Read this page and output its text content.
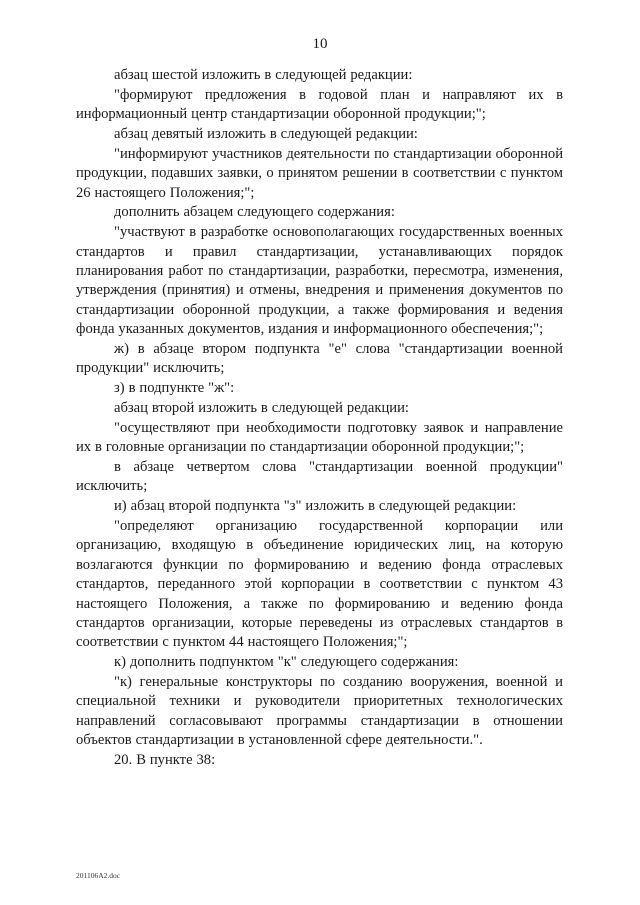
10

абзац шестой изложить в следующей редакции:

"формируют предложения в годовой план и направляют их в информационный центр стандартизации оборонной продукции;";

абзац девятый изложить в следующей редакции:

"информируют участников деятельности по стандартизации оборонной продукции, подавших заявки, о принятом решении в соответствии с пунктом 26 настоящего Положения;";

дополнить абзацем следующего содержания:

"участвуют в разработке основополагающих государственных военных стандартов и правил стандартизации, устанавливающих порядок планирования работ по стандартизации, разработки, пересмотра, изменения, утверждения (принятия) и отмены, внедрения и применения документов по стандартизации оборонной продукции, а также формирования и ведения фонда указанных документов, издания и информационного обеспечения;";

ж) в абзаце втором подпункта "е" слова "стандартизации военной продукции" исключить;

з) в подпункте "ж":

абзац второй изложить в следующей редакции:

"осуществляют при необходимости подготовку заявок и направление их в головные организации по стандартизации оборонной продукции;";

в абзаце четвертом слова "стандартизации военной продукции" исключить;

и) абзац второй подпункта "з" изложить в следующей редакции:

"определяют организацию государственной корпорации или организацию, входящую в объединение юридических лиц, на которую возлагаются функции по формированию и ведению фонда отраслевых стандартов, переданного этой корпорации в соответствии с пунктом 43 настоящего Положения, а также по формированию и ведению фонда стандартов организации, которые переведены из отраслевых стандартов в соответствии с пунктом 44 настоящего Положения;";

к) дополнить подпунктом "к" следующего содержания:

"к) генеральные конструкторы по созданию вооружения, военной и специальной техники и руководители приоритетных технологических направлений согласовывают программы стандартизации в отношении объектов стандартизации в установленной сфере деятельности.".

20. В пункте 38:

201106A2.doc
